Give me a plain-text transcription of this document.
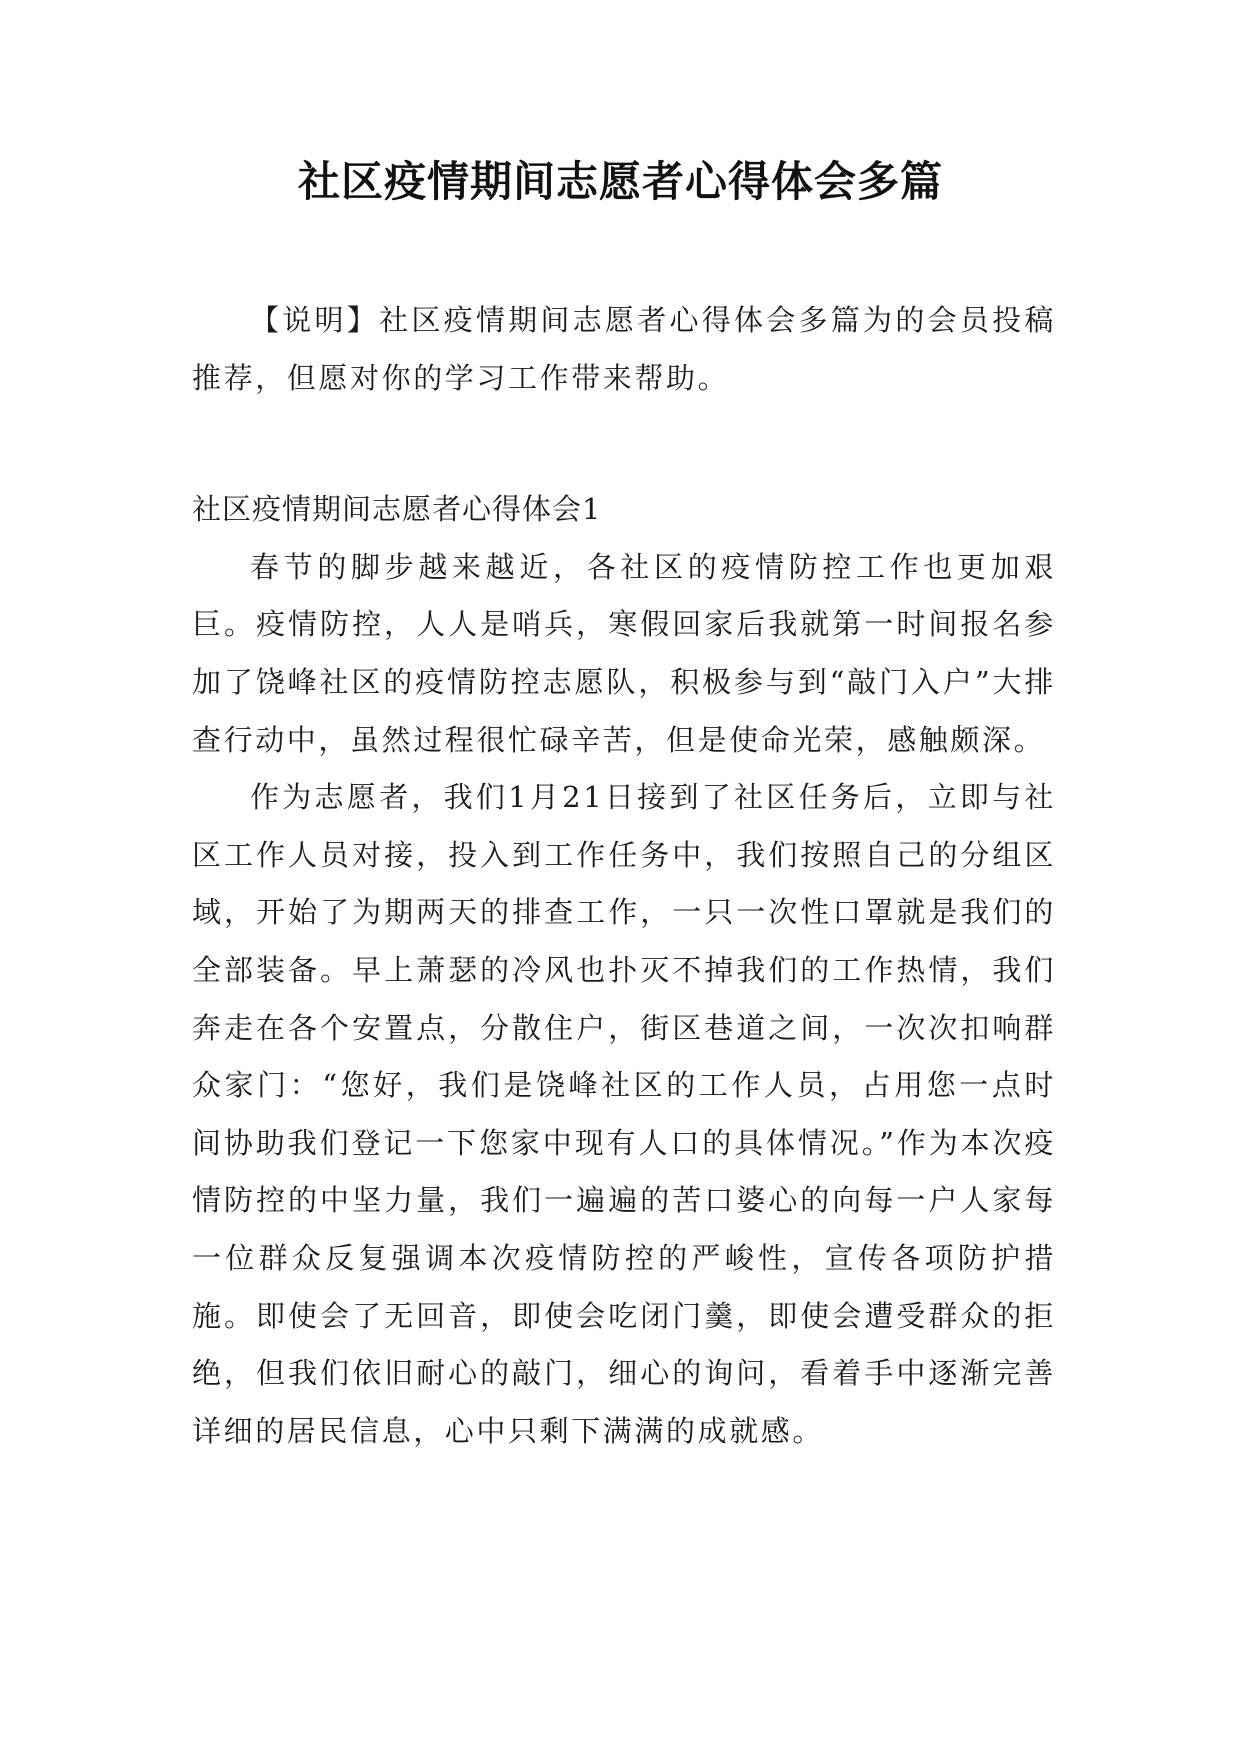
社区疫情期间志愿者心得体会多篇

【说明】社区疫情期间志愿者心得体会多篇为的会员投稿推荐，但愿对你的学习工作带来帮助。

社区疫情期间志愿者心得体会1

春节的脚步越来越近，各社区的疫情防控工作也更加艰巨。疫情防控，人人是哨兵，寒假回家后我就第一时间报名参加了饶峰社区的疫情防控志愿队，积极参与到“敲门入户”大排查行动中，虽然过程很忙碌辛苦，但是使命光荣，感触颇深。

作为志愿者，我们1月21日接到了社区任务后，立即与社区工作人员对接，投入到工作任务中，我们按照自己的分组区域，开始了为期两天的排查工作，一只一次性口罩就是我们的全部装备。早上萧瑟的冷风也扑灭不掉我们的工作热情，我们奔走在各个安置点，分散住户，街区巷道之间，一次次扣响群众家门：“您好，我们是饶峰社区的工作人员，占用您一点时间协助我们登记一下您家中现有人口的具体情况。”作为本次疫情防控的中坚力量，我们一遍遍的苦口婆心的向每一户人家每一位群众反复强调本次疫情防控的严峻性，宣传各项防护措施。即使会了无回音，即使会吃闭门羹，即使会遭受群众的拒绝，但我们依旧耐心的敲门，细心的询问，看着手中逐渐完善详细的居民信息，心中只剩下满满的成就感。
